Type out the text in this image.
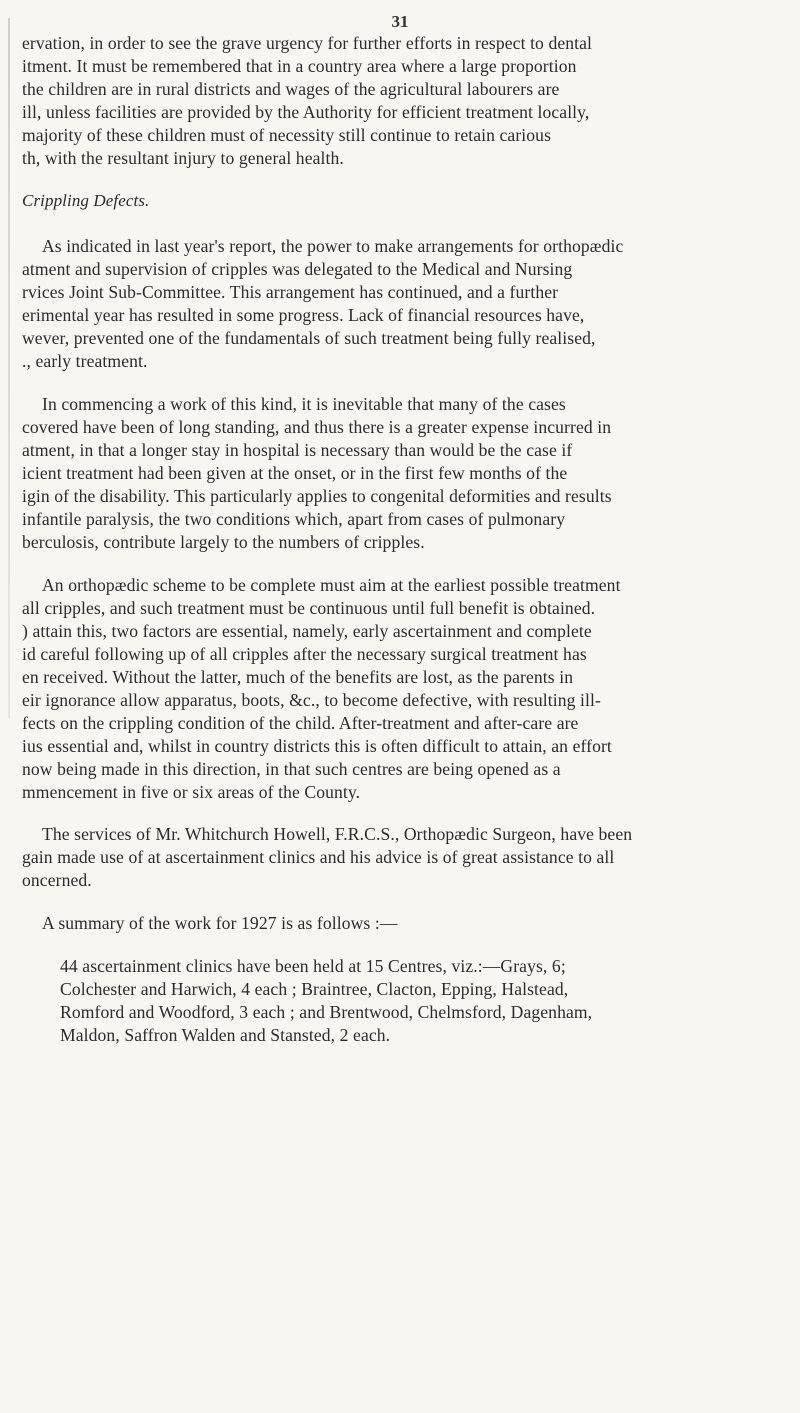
31
ervation, in order to see the grave urgency for further efforts in respect to dental
itment. It must be remembered that in a country area where a large proportion
the children are in rural districts and wages of the agricultural labourers are
ill, unless facilities are provided by the Authority for efficient treatment locally,
majority of these children must of necessity still continue to retain carious
th, with the resultant injury to general health.
Crippling Defects.
As indicated in last year's report, the power to make arrangements for orthopædic
atment and supervision of cripples was delegated to the Medical and Nursing
rvices Joint Sub-Committee. This arrangement has continued, and a further
erimental year has resulted in some progress. Lack of financial resources have,
wever, prevented one of the fundamentals of such treatment being fully realised,
., early treatment.
In commencing a work of this kind, it is inevitable that many of the cases
covered have been of long standing, and thus there is a greater expense incurred in
atment, in that a longer stay in hospital is necessary than would be the case if
icient treatment had been given at the onset, or in the first few months of the
igin of the disability. This particularly applies to congenital deformities and results
infantile paralysis, the two conditions which, apart from cases of pulmonary
berculosis, contribute largely to the numbers of cripples.
An orthopædic scheme to be complete must aim at the earliest possible treatment
all cripples, and such treatment must be continuous until full benefit is obtained.
) attain this, two factors are essential, namely, early ascertainment and complete
id careful following up of all cripples after the necessary surgical treatment has
en received. Without the latter, much of the benefits are lost, as the parents in
eir ignorance allow apparatus, boots, &c., to become defective, with resulting ill-
fects on the crippling condition of the child. After-treatment and after-care are
ius essential and, whilst in country districts this is often difficult to attain, an effort
now being made in this direction, in that such centres are being opened as a
mmencement in five or six areas of the County.
The services of Mr. Whitchurch Howell, F.R.C.S., Orthopædic Surgeon, have been
gain made use of at ascertainment clinics and his advice is of great assistance to all
oncerned.
A summary of the work for 1927 is as follows :—
44 ascertainment clinics have been held at 15 Centres, viz.:—Grays, 6;
Colchester and Harwich, 4 each ; Braintree, Clacton, Epping, Halstead,
Romford and Woodford, 3 each ; and Brentwood, Chelmsford, Dagenham,
Maldon, Saffron Walden and Stansted, 2 each.
